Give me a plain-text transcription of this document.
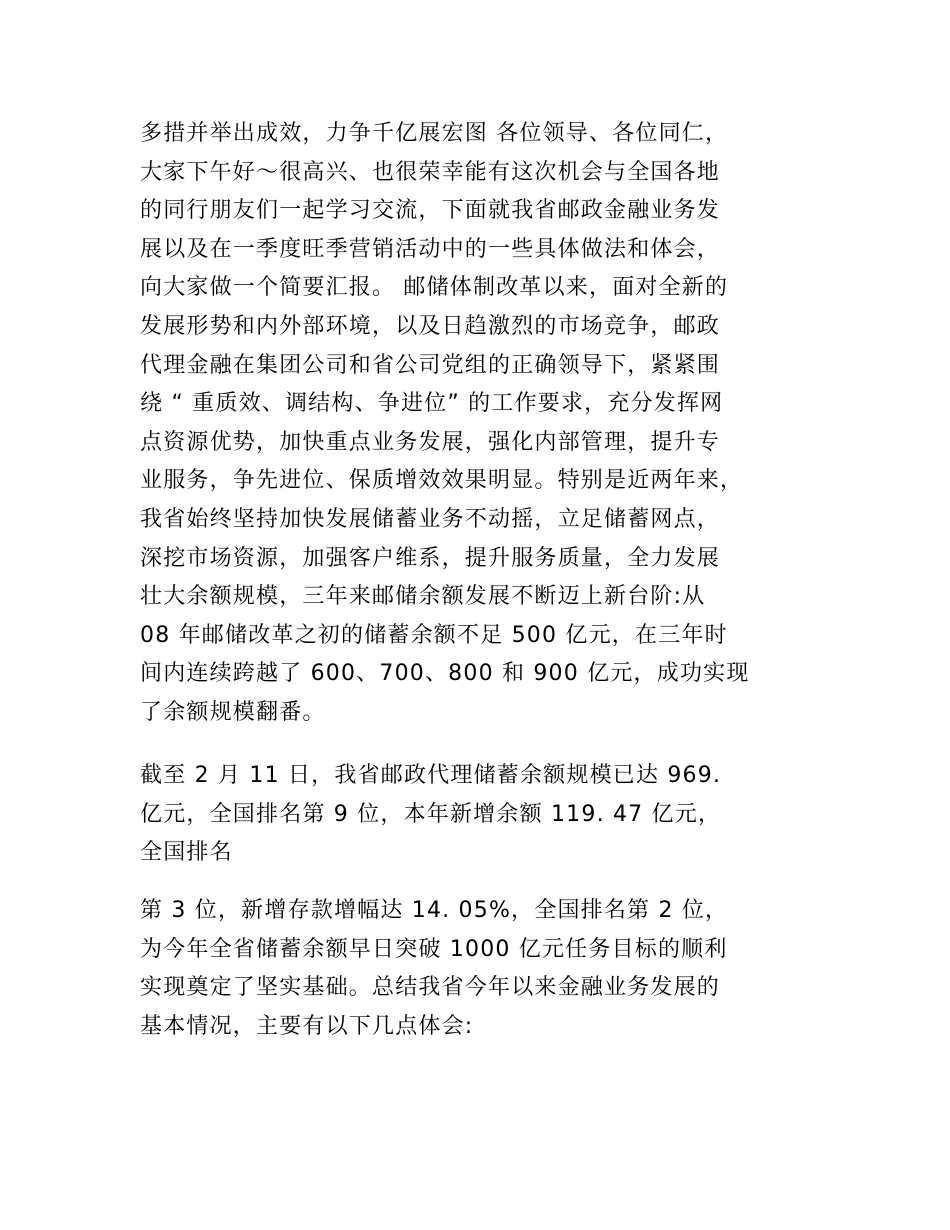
多措并举出成效，力争千亿展宏图 各位领导、各位同仁，
大家下午好～很高兴、也很荣幸能有这次机会与全国各地
的同行朋友们一起学习交流，下面就我省邮政金融业务发
展以及在一季度旺季营销活动中的一些具体做法和体会，
向大家做一个简要汇报。 邮储体制改革以来，面对全新的
发展形势和内外部环境，以及日趋激烈的市场竞争，邮政
代理金融在集团公司和省公司党组的正确领导下，紧紧围
绕 “ 重质效、调结构、争进位” 的工作要求，充分发挥网
点资源优势，加快重点业务发展，强化内部管理，提升专
业服务，争先进位、保质增效效果明显。特别是近两年来，
我省始终坚持加快发展储蓄业务不动摇，立足储蓄网点，
深挖市场资源，加强客户维系，提升服务质量，全力发展
壮大余额规模，三年来邮储余额发展不断迈上新台阶:从
08 年邮储改革之初的储蓄余额不足 500 亿元，在三年时
间内连续跨越了 600、700、800 和 900 亿元，成功实现
了余额规模翻番。
截至 2 月 11 日，我省邮政代理储蓄余额规模已达 969.
亿元，全国排名第 9 位，本年新增余额 119. 47 亿元，
全国排名
第 3 位，新增存款增幅达 14. 05%，全国排名第 2 位，
为今年全省储蓄余额早日突破 1000 亿元任务目标的顺利
实现奠定了坚实基础。总结我省今年以来金融业务发展的
基本情况，主要有以下几点体会:
